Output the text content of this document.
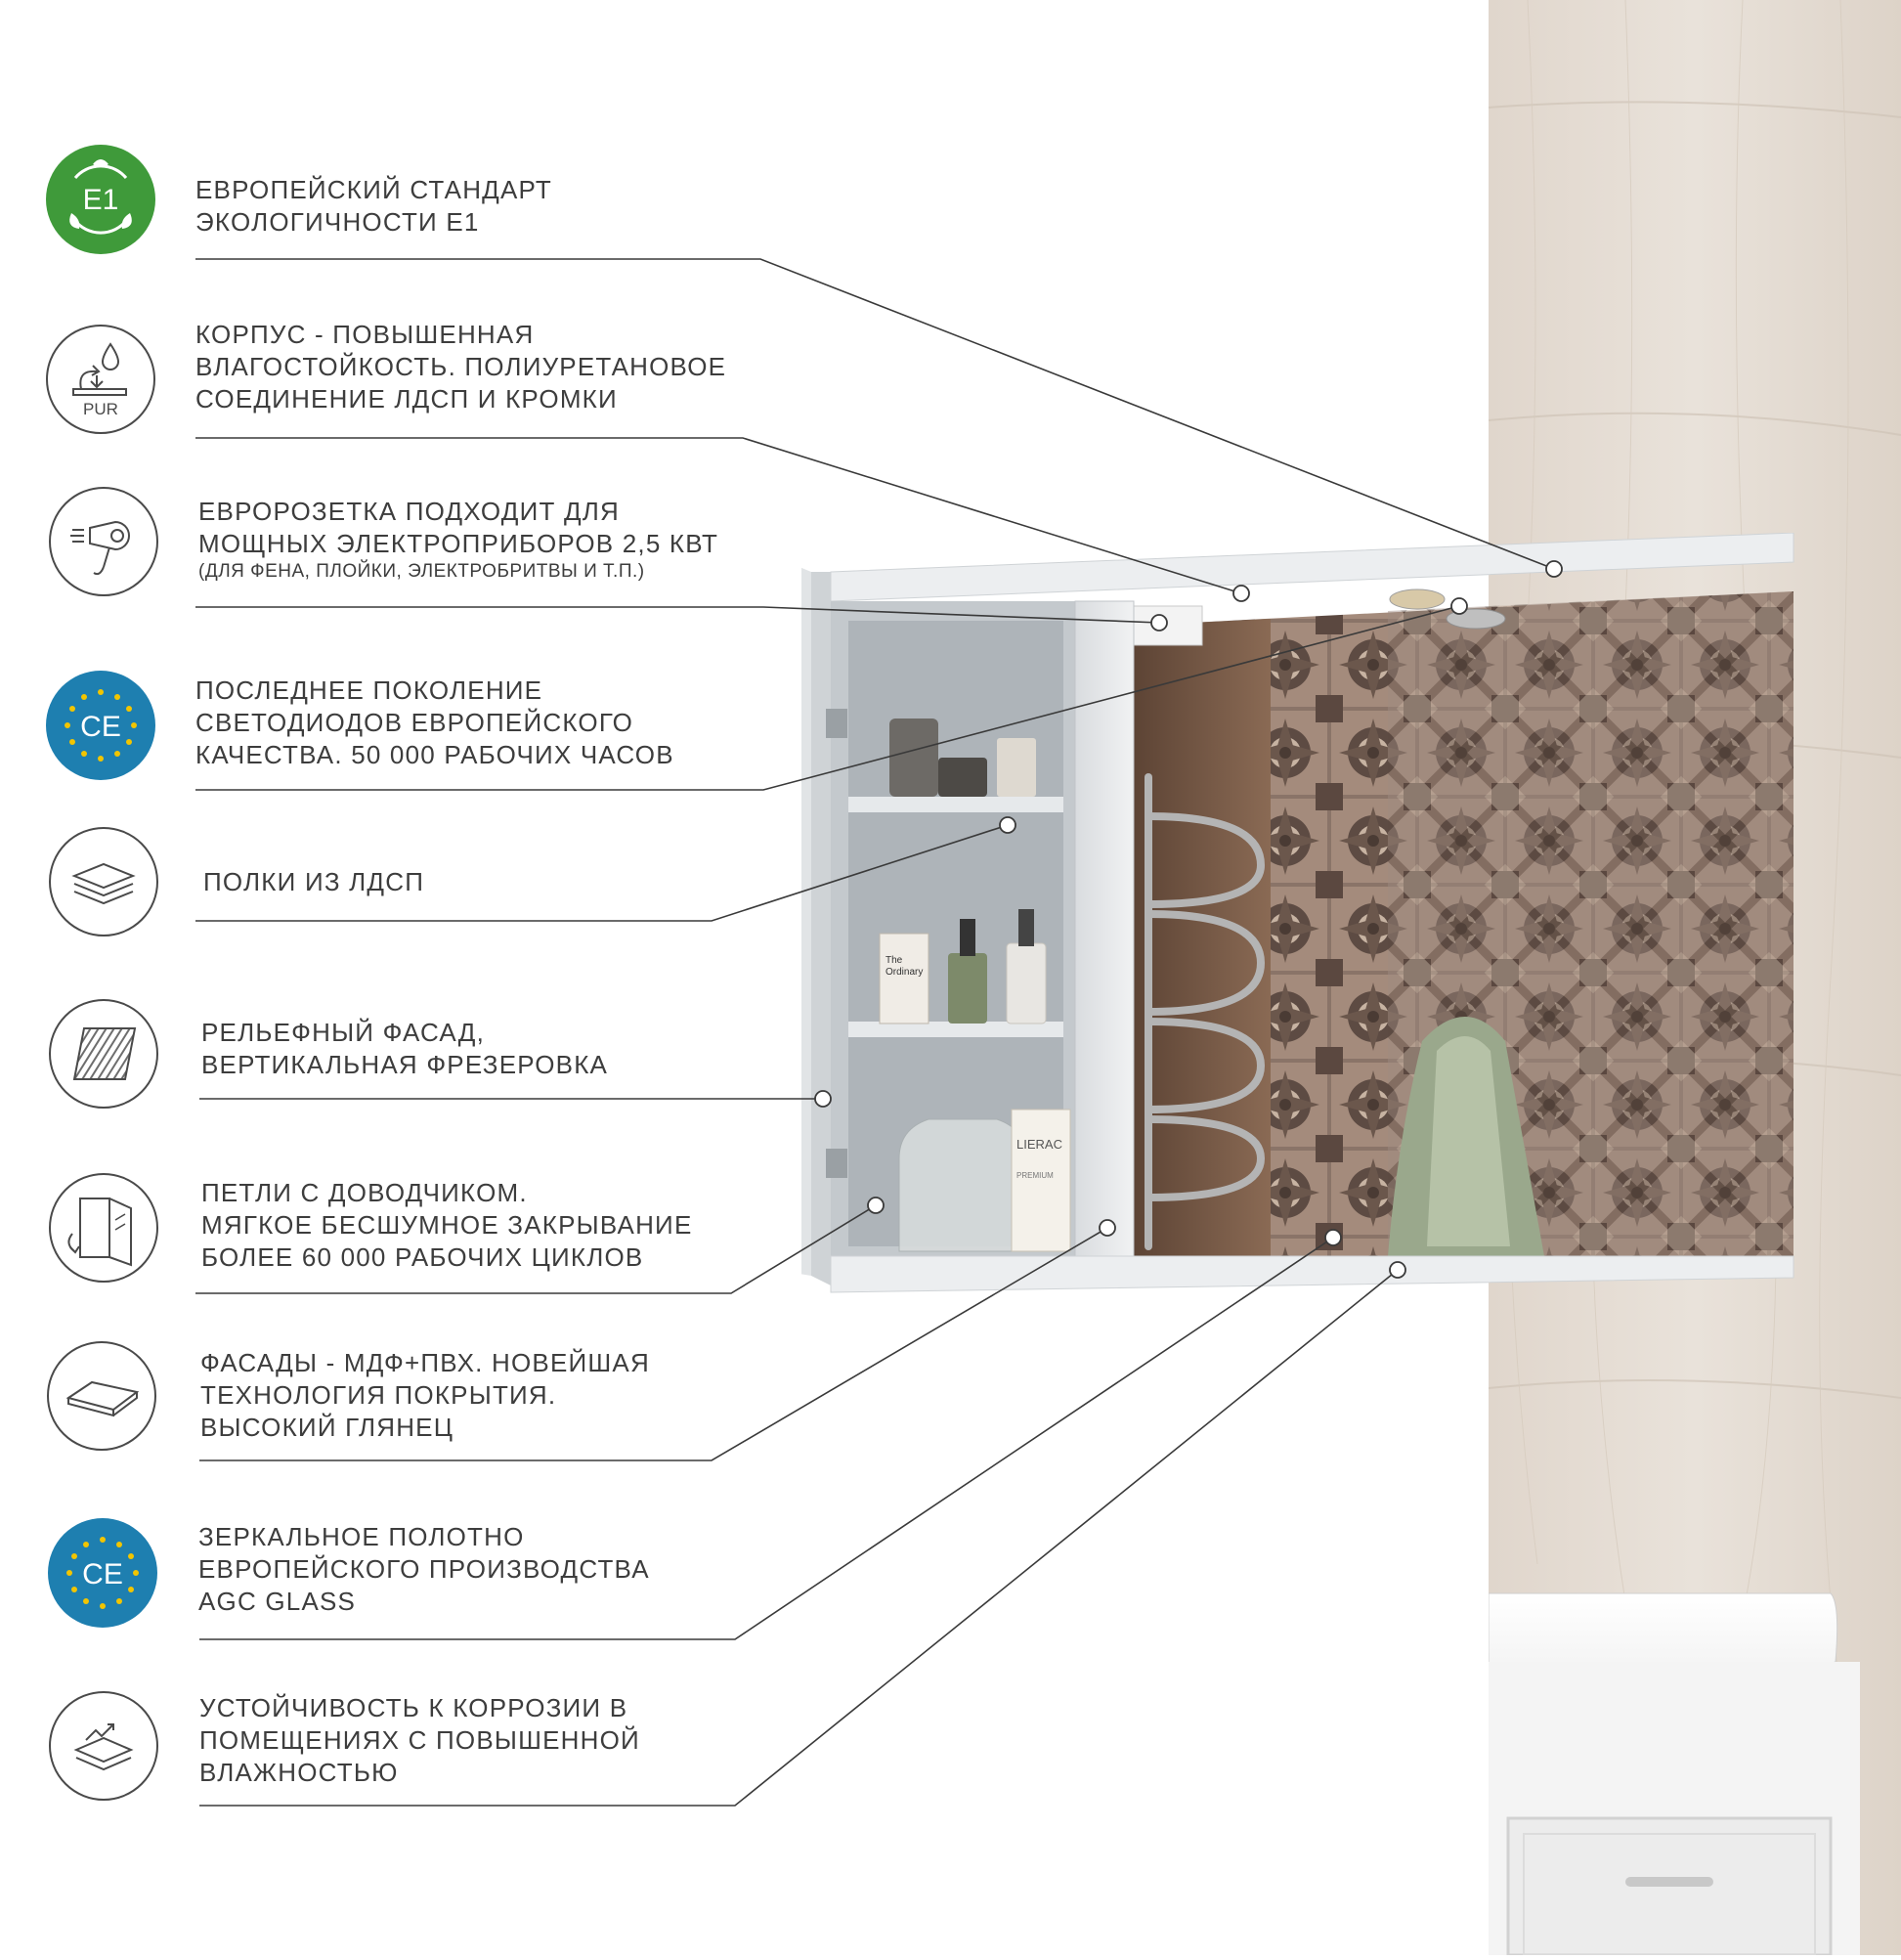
The
Ordinary
LIERAC
PREMIUM
E1	ЕВРОПЕЙСКИЙ СТАНДАРТ
ЭКОЛОГИЧНОСТИ Е1
PUR
КОРПУС - ПОВЫШЕННАЯ
ВЛАГОСТОЙКОСТЬ. ПОЛИУРЕТАНОВОЕ
СОЕДИНЕНИЕ ЛДСП И КРОМКИ
ЕВРОРОЗЕТКА ПОДХОДИТ ДЛЯ
МОЩНЫХ ЭЛЕКТРОПРИБОРОВ 2,5 КВТ
(ДЛЯ ФЕНА, ПЛОЙКИ, ЭЛЕКТРОБРИТВЫ И Т.П.)
CE
ПОСЛЕДНЕЕ ПОКОЛЕНИЕ
СВЕТОДИОДОВ ЕВРОПЕЙСКОГО
КАЧЕСТВА. 50 000 РАБОЧИХ ЧАСОВ
ПОЛКИ ИЗ ЛДСП
РЕЛЬЕФНЫЙ ФАСАД,
ВЕРТИКАЛЬНАЯ ФРЕЗЕРОВКА
ПЕТЛИ С ДОВОДЧИКОМ.
МЯГКОЕ БЕСШУМНОЕ ЗАКРЫВАНИЕ
БОЛЕЕ 60 000 РАБОЧИХ ЦИКЛОВ
ФАСАДЫ - МДФ+ПВХ. НОВЕЙШАЯ
ТЕХНОЛОГИЯ ПОКРЫТИЯ.
ВЫСОКИЙ ГЛЯНЕЦ
CE
ЗЕРКАЛЬНОЕ ПОЛОТНО
ЕВРОПЕЙСКОГО ПРОИЗВОДСТВА
AGC GLASS
УСТОЙЧИВОСТЬ К КОРРОЗИИ В
ПОМЕЩЕНИЯХ С ПОВЫШЕННОЙ
ВЛАЖНОСТЬЮ
